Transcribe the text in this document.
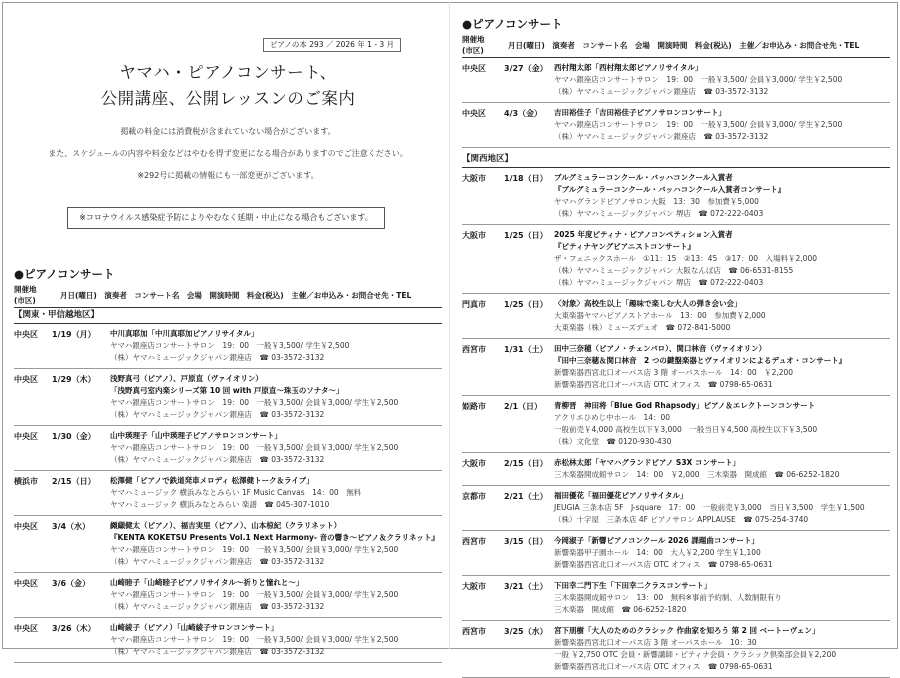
ピアノの本 293 ／ 2026 年 1 - 3 月
ヤマハ・ピアノコンサート、
公開講座、公開レッスンのご案内
掲載の料金には消費税が含まれていない場合がございます。
また、スケジュールの内容や料金などはやむを得ず変更になる場合がありますのでご注意ください。
※292号に掲載の情報にも一部変更がございます。
※コロナウイルス感染症予防によりやむなく延期・中止になる場合もございます。
●ピアノコンサート
開催地
(市区)
月日(曜日)　演奏者　コンサート名　会場　開演時間　料金(税込)　主催／お申込み・お問合せ先・TEL
【関東・甲信越地区】
中央区 1/19（月） 中川真耶加「中川真耶加ピアノリサイタル」
ヤマハ銀座店コンサートサロン　19：00　一般￥3,500/ 学生￥2,500
（株）ヤマハミュージックジャパン銀座店　☎ 03-3572-3132
中央区 1/29（木） 浅野真弓（ピアノ）、戸原直（ヴァイオリン）
「浅野真弓室内楽シリーズ第 10 回 with 戸原直〜珠玉のソナタ〜」
ヤマハ銀座店コンサートサロン　19：00　一般￥3,500/ 会員￥3,000/ 学生￥2,500
（株）ヤマハミュージックジャパン銀座店　☎ 03-3572-3132
中央区 1/30（金） 山中瑛理子「山中瑛理子ピアノサロンコンサート」
ヤマハ銀座店コンサートサロン　19：00　一般￥3,500/ 会員￥3,000/ 学生￥2,500
（株）ヤマハミュージックジャパン銀座店　☎ 03-3572-3132
横浜市 2/15（日） 松澤健「ピアノで鉄道発車メロディ 松澤健トーク＆ライブ」
ヤマハミュージック 横浜みなとみらい 1F Music Canvas　14：00　無料
ヤマハミュージック 横浜みなとみらい 楽譜　☎ 045-307-1010
中央区 3/4（水）	纐纈健太（ピアノ）、福吉実里（ピアノ）、山本椋紀（クラリネット）
『KENTA KOKETSU Presents Vol.1 Next Harmony- 音の響き〜ピアノ＆クラリネット』
ヤマハ銀座店コンサートサロン　19：00　一般￥3,500/ 会員￥3,000/ 学生￥2,500
（株）ヤマハミュージックジャパン銀座店　☎ 03-3572-3132
中央区 3/6（金）	山崎睦子「山崎睦子ピアノリサイタル〜祈りと憧れと〜」
ヤマハ銀座店コンサートサロン　19：00　一般￥3,500/ 会員￥3,000/ 学生￥2,500
（株）ヤマハミュージックジャパン銀座店　☎ 03-3572-3132
中央区 3/26（木） 山崎綾子（ピアノ）「山崎綾子サロンコンサート」
ヤマハ銀座店コンサートサロン　19：00　一般￥3,500/ 会員￥3,000/ 学生￥2,500
（株）ヤマハミュージックジャパン銀座店　☎ 03-3572-3132
●ピアノコンサート
開催地
(市区)
月日(曜日)　演奏者　コンサート名　会場　開演時間　料金(税込)　主催／お申込み・お問合せ先・TEL
中央区 3/27（金） 西村翔太郎「西村翔太郎ピアノリサイタル」
ヤマハ銀座店コンサートサロン　19：00　一般￥3,500/ 会員￥3,000/ 学生￥2,500
（株）ヤマハミュージックジャパン銀座店　☎ 03-3572-3132
中央区 4/3（金） 吉田裕佳子「吉田裕佳子ピアノサロンコンサート」
ヤマハ銀座店コンサートサロン　19：00　一般￥3,500/ 会員￥3,000/ 学生￥2,500
（株）ヤマハミュージックジャパン銀座店　☎ 03-3572-3132
【関西地区】
大阪市 1/18（日） ブルグミュラーコンクール・バッハコンクール入賞者
『ブルグミュラーコンクール・バッハコンクール入賞者コンサート』
ヤマハグランドピアノサロン大阪　13：30　参加費￥5,000
（株）ヤマハミュージックジャパン 堺店　☎ 072-222-0403
大阪市 1/25（日） 2025 年度ピティナ・ピアノコンペティション入賞者
『ピティナヤングピアニストコンサート』
ザ・フェニックスホール　①11：15　②13：45　③17：00　入場料￥2,000
（株）ヤマハミュージックジャパン 大阪なんば店　☎ 06-6531-8155
（株）ヤマハミュージックジャパン 堺店　☎ 072-222-0403
門真市 1/25（日） 〈対象〉高校生以上「趣味で楽しむ大人の弾き会い会」
大東楽器ヤマハピアノストアホール　13：00　参加費￥2,000
大東楽器（株）ミューズデュオ　☎ 072-841-5000
西宮市 1/31（土） 田中三奈穂（ピアノ・チェンバロ）、関口林音（ヴァイオリン）
『田中三奈穂＆関口林音　2 つの鍵盤楽器とヴァイオリンによるデュオ・コンサート』
新響楽器西宮北口オーパス店 3 階 オーパスホール　14：00　￥2,200
新響楽器西宮北口オーパス店 OTC オフィス　☎ 0798-65-0631
姫路市 2/1（日） 青柳晋　神田将「Blue God Rhapsody」ピアノ＆エレクトーンコンサート
アクリエひめじ中ホール　14：00
一般前売￥4,000 高校生以下￥3,000　一般当日￥4,500 高校生以下￥3,500
（株）文化堂　☎ 0120-930-430
大阪市 2/15（日） 赤松林太郎「ヤマハグランドピアノ S3X コンサート」
三木楽器開成館サロン　14：00　￥2,000　三木楽器　開成館　☎ 06-6252-1820
京都市 2/21（土） 福田優花「福田優花ピアノリサイタル」
JEUGIA 三条本店 5F　J-square　17：00　一般前売￥3,000　当日￥3,500　学生￥1,500
（株）十字屋　三条本店 4F ピアノサロン APPLAUSE　☎ 075-254-3740
西宮市 3/15（日） 今岡淑子「新響ピアノコンクール 2026 課題曲コンサート」
新響楽器甲子園ホール　14：00　大人￥2,200 学生￥1,100
新響楽器西宮北口オーパス店 OTC オフィス　☎ 0798-65-0631
大阪市 3/21（土） 下田幸二門下生「下田幸二クラスコンサート」
三木楽器開成館サロン　13：00　無料※事前予約制、人数制限有り
三木楽器　開成館　☎ 06-6252-1820
西宮市 3/25（水） 宮下朋樹「大人のためのクラシック 作曲家を知ろう 第 2 回 ベートーヴェン」
新響楽器西宮北口オーパス店 3 階 オーパスホール　10：30
一般 ￥2,750 OTC 会員・新響講師・ピティナ会員・クラシック倶楽部会員￥2,200
新響楽器西宮北口オーパス店 OTC オフィス　☎ 0798-65-0631
